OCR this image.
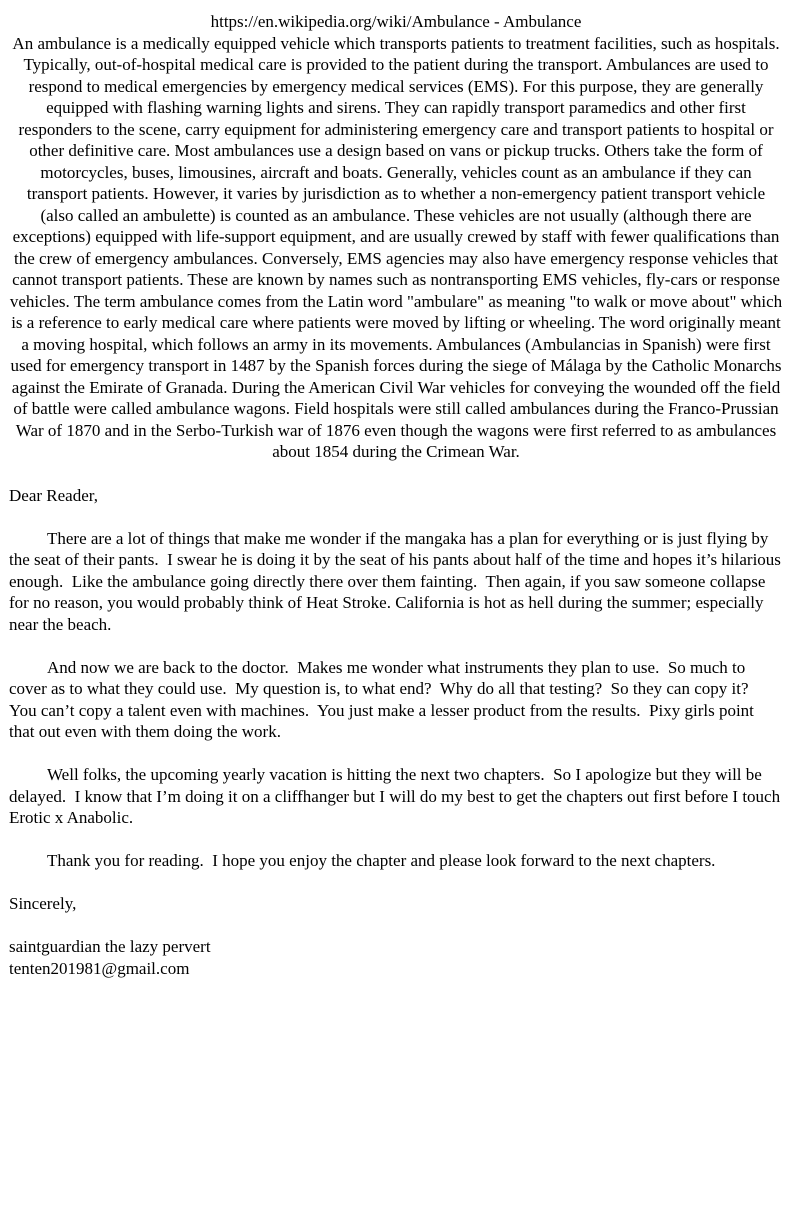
https://en.wikipedia.org/wiki/Ambulance - Ambulance
An ambulance is a medically equipped vehicle which transports patients to treatment facilities, such as hospitals. Typically, out-of-hospital medical care is provided to the patient during the transport. Ambulances are used to respond to medical emergencies by emergency medical services (EMS). For this purpose, they are generally equipped with flashing warning lights and sirens. They can rapidly transport paramedics and other first responders to the scene, carry equipment for administering emergency care and transport patients to hospital or other definitive care. Most ambulances use a design based on vans or pickup trucks. Others take the form of motorcycles, buses, limousines, aircraft and boats. Generally, vehicles count as an ambulance if they can transport patients. However, it varies by jurisdiction as to whether a non-emergency patient transport vehicle (also called an ambulette) is counted as an ambulance. These vehicles are not usually (although there are exceptions) equipped with life-support equipment, and are usually crewed by staff with fewer qualifications than the crew of emergency ambulances. Conversely, EMS agencies may also have emergency response vehicles that cannot transport patients. These are known by names such as nontransporting EMS vehicles, fly-cars or response vehicles. The term ambulance comes from the Latin word "ambulare" as meaning "to walk or move about" which is a reference to early medical care where patients were moved by lifting or wheeling. The word originally meant a moving hospital, which follows an army in its movements. Ambulances (Ambulancias in Spanish) were first used for emergency transport in 1487 by the Spanish forces during the siege of Málaga by the Catholic Monarchs against the Emirate of Granada. During the American Civil War vehicles for conveying the wounded off the field of battle were called ambulance wagons. Field hospitals were still called ambulances during the Franco-Prussian War of 1870 and in the Serbo-Turkish war of 1876 even though the wagons were first referred to as ambulances about 1854 during the Crimean War.

Dear Reader,

There are a lot of things that make me wonder if the mangaka has a plan for everything or is just flying by the seat of their pants.  I swear he is doing it by the seat of his pants about half of the time and hopes it’s hilarious enough.  Like the ambulance going directly there over them fainting.  Then again, if you saw someone collapse for no reason, you would probably think of Heat Stroke. California is hot as hell during the summer; especially near the beach.

And now we are back to the doctor.  Makes me wonder what instruments they plan to use.  So much to cover as to what they could use.  My question is, to what end?  Why do all that testing?  So they can copy it?  You can’t copy a talent even with machines.  You just make a lesser product from the results.  Pixy girls point that out even with them doing the work.

Well folks, the upcoming yearly vacation is hitting the next two chapters.  So I apologize but they will be delayed.  I know that I’m doing it on a cliffhanger but I will do my best to get the chapters out first before I touch Erotic x Anabolic.

Thank you for reading.  I hope you enjoy the chapter and please look forward to the next chapters.

Sincerely,

saintguardian the lazy pervert
tenten201981@gmail.com
